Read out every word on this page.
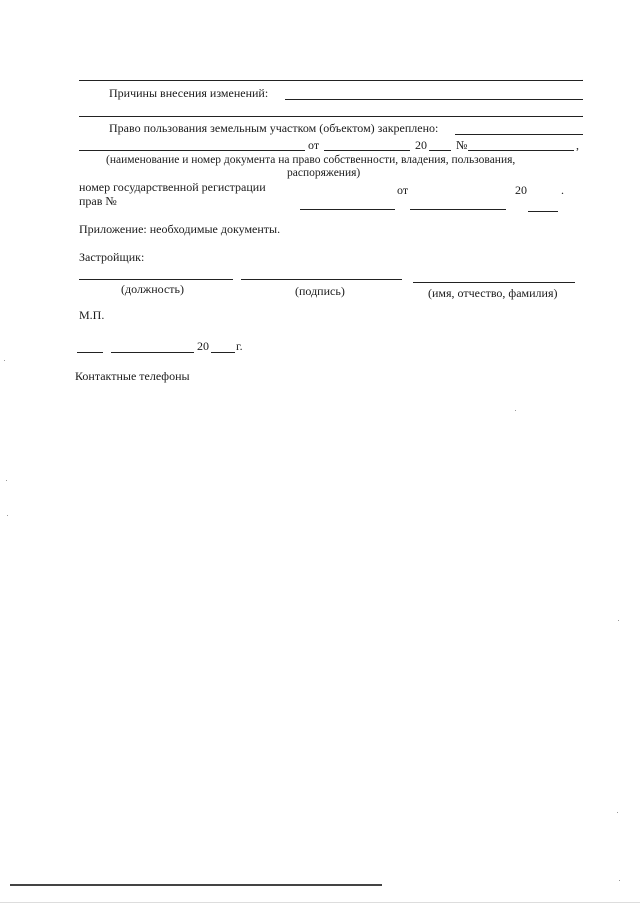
.
Причины внесения изменений:
.
Право пользования земельным участком (объектом) закреплено:
от	20 №	,
(наименование и номер документа на право собственности, владения, пользования,
распоряжения)
номер государственной регистрации
прав №
от	20	.
Приложение: необходимые документы.
Застройщик:
(должность)	(подпись)	(имя, отчество, фамилия)
М.П.
20 г.
Контактные телефоны
